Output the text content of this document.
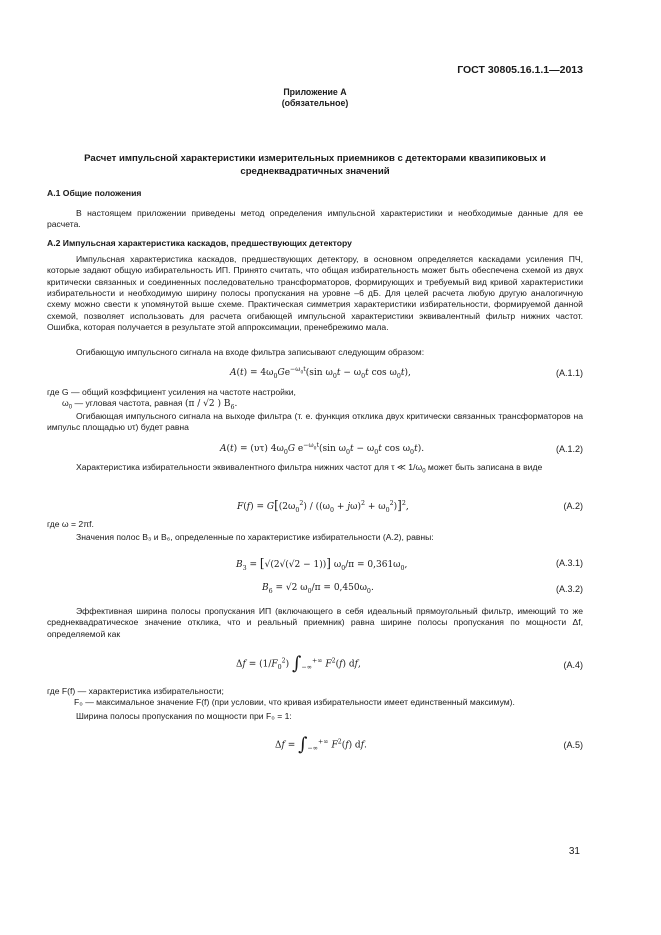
ГОСТ 30805.16.1.1—2013
Приложение А
(обязательное)
Расчет импульсной характеристики измерительных приемников с детекторами квазипиковых и среднеквадратичных значений
А.1 Общие положения
В настоящем приложении приведены метод определения импульсной характеристики и необходимые данные для ее расчета.
А.2 Импульсная характеристика каскадов, предшествующих детектору
Импульсная характеристика каскадов, предшествующих детектору, в основном определяется каскадами усиления ПЧ, которые задают общую избирательность ИП. Принято считать, что общая избирательность может быть обеспечена схемой из двух критически связанных и соединенных последовательно трансформаторов, формирующих и требуемый вид кривой характеристики избирательности и необходимую ширину полосы пропускания на уровне –6 дБ. Для целей расчета любую другую аналогичную схему можно свести к упомянутой выше схеме. Практическая симметрия характеристики избирательности, формируемой данной схемой, позволяет использовать для расчета огибающей импульсной характеристики эквивалентный фильтр нижних частот. Ошибка, которая получается в результате этой аппроксимации, пренебрежимо мала.
Огибающую импульсного сигнала на входе фильтра записывают следующим образом:
$A(t) = 4\omega_0Ge^{-\omega_0t}(\sin$ $\omega_0t - \omega_0t$ $\cos \omega_0t$),	(А.1.1)
где G — общий коэффициент усиления на частоте настройки,
$\omega_0$ — угловая частота, равная (π / √2 ) $B_6$.
Огибающая импульсного сигнала на выходе фильтра (т. е. функция отклика двух критически связанных трансформаторов на импульс площадью υτ) будет равна
A(t) = (υτ) $4\omega_0G$ $e^{-\omega_0t}(\sin$ $\omega_0t - \omega_0t$ $\cos \omega_0t$).	(А.1.2)
Характеристика избирательности эквивалентного фильтра нижних частот для τ ≪ $1/\omega_0$ может быть записана в виде
$F(f) = G[(2\omega_0^2) / ((\omega_0 + j\omega)^2 + \omega_0^2)]^2$,	(А.2)
где ω = 2πf.
Значения полос B₃ и B₆, определенные по характеристике избирательности (А.2), равны:
$B_3 = [√(2√(√2 - 1))] \omega_0/\pi = 0,361\omega_0$,	(А.3.1)
$B_6 = √2$ $\omega_0/\pi = 0,450\omega_0$.	(А.3.2)
Эффективная ширина полосы пропускания ИП (включающего в себя идеальный прямоугольный фильтр, имеющий то же среднеквадратическое значение отклика, что и реальный приемник) равна ширине полосы пропускания по мощности Δf, определяемой как
$\Delta f = (1/F_0^2)$ $\int_{-\infty}^{+\infty}$ $F^2(f)$ df,	(А.4)
где F(f) — характеристика избирательности;
F₀ — максимальное значение F(f) (при условии, что кривая избирательности имеет единственный максимум).
Ширина полосы пропускания по мощности при F₀ = 1:
$\Delta f = \int_{-\infty}^{+\infty}$ $F^2(f)$ df.	(А.5)
31
